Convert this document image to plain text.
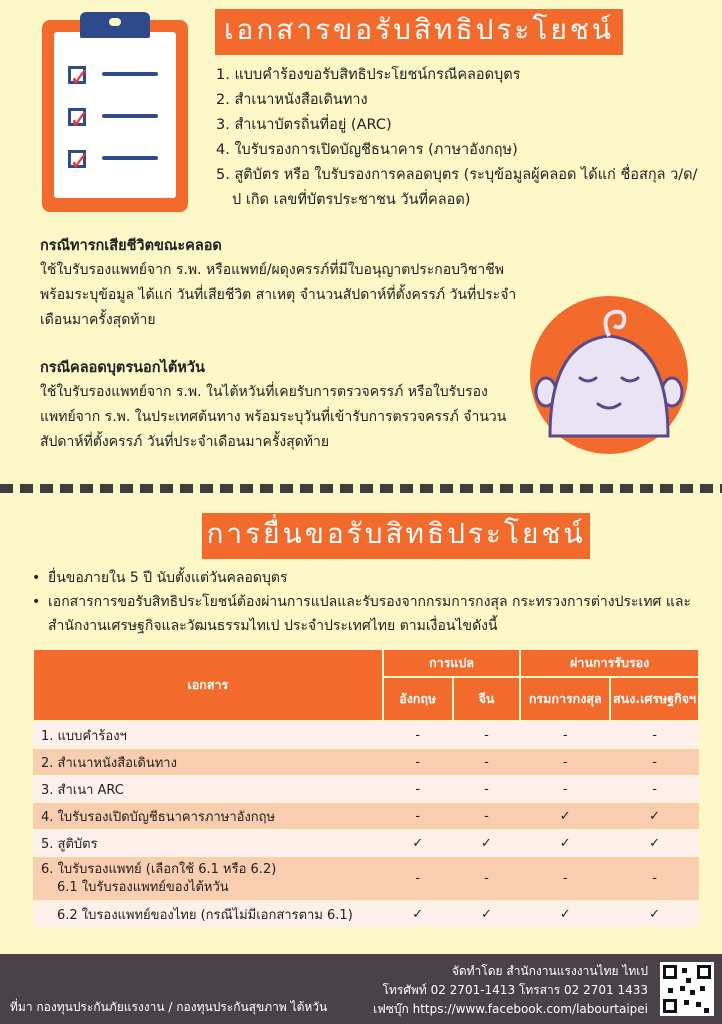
✓
✓
✓
เอกสารขอรับสิทธิประโยชน์
1. แบบคำร้องขอรับสิทธิประโยชน์กรณีคลอดบุตร
2. สำเนาหนังสือเดินทาง
3. สำเนาบัตรถิ่นที่อยู่ (ARC)
4. ใบรับรองการเปิดบัญชีธนาคาร (ภาษาอังกฤษ)
5. สูติบัตร หรือ ใบรับรองการคลอดบุตร (ระบุข้อมูลผู้คลอด ได้แก่ ชื่อสกุล ว/ด/ป เกิด เลขที่บัตรประชาชน วันที่คลอด)
กรณีทารกเสียชีวิตขณะคลอด

ใช้ใบรับรองแพทย์จาก ร.พ. หรือแพทย์/ผดุงครรภ์ที่มีใบอนุญาตประกอบวิชาชีพ พร้อมระบุข้อมูล ได้แก่ วันที่เสียชีวิต สาเหตุ จำนวนสัปดาห์ที่ตั้งครรภ์ วันที่ประจำเดือนมาครั้งสุดท้าย

กรณีคลอดบุตรนอกไต้หวัน

ใช้ใบรับรองแพทย์จาก ร.พ. ในไต้หวันที่เคยรับการตรวจครรภ์ หรือใบรับรองแพทย์จาก ร.พ. ในประเทศต้นทาง พร้อมระบุวันที่เข้ารับการตรวจครรภ์ จำนวนสัปดาห์ที่ตั้งครรภ์ วันที่ประจำเดือนมาครั้งสุดท้าย

การยื่นขอรับสิทธิประโยชน์
• ยื่นขอภายใน 5 ปี นับตั้งแต่วันคลอดบุตร
• เอกสารการขอรับสิทธิประโยชน์ต้องผ่านการแปลและรับรองจากกรมการกงสุล กระทรวงการต่างประเทศ และสำนักงานเศรษฐกิจและวัฒนธรรมไทเป ประจำประเทศไทย ตามเงื่อนไขดังนี้
เอกสาร	การแปล		ผ่านการรับรอง	
	อังกฤษ	จีน	กรมการกงสุล	สนง.เศรษฐกิจฯ
1. แบบคำร้องฯ	-	-	-	-
2. สำเนาหนังสือเดินทาง	-	-	-	-
3. สำเนา ARC	-	-	-	-
4. ใบรับรองเปิดบัญชีธนาคารภาษาอังกฤษ	-	-	✓	✓
5. สูติบัตร	✓	✓	✓	✓

6. ใบรับรองแพทย์ (เลือกใช้ 6.1 หรือ 6.2)
6.1 ใบรับรองแพทย์ของไต้หวัน	-	-	-	-
6.2 ใบรองแพทย์ของไทย (กรณีไม่มีเอกสารตาม 6.1)	✓	✓	✓	✓
ที่มา กองทุนประกันภัยแรงงาน / กองทุนประกันสุขภาพ ไต้หวัน
จัดทำโดย สำนักงานแรงงานไทย ไทเป
โทรศัพท์ 02 2701-1413 โทรสาร 02 2701 1433
เฟซบุ๊ก https://www.facebook.com/labourtaipei
